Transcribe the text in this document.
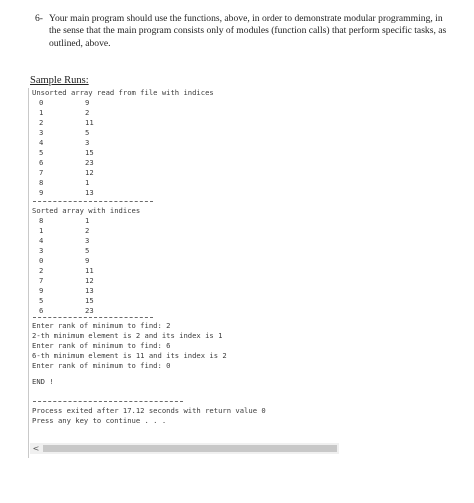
6- Your main program should use the functions, above, in order to demonstrate modular programming, in the sense that the main program consists only of modules (function calls) that perform specific tasks, as outlined, above.
Sample Runs:
Unsorted array read from file with indices
0	9
1	2
2	11
3	5
4	3
5	15
6	23
7	12
8	1
9	13
Sorted array with indices
8	1
1	2
4	3
3	5
0	9
2	11
7	12
9	13
5	15
6	23
Enter rank of minimum to find: 2
2-th minimum element is 2 and its index is 1
Enter rank of minimum to find: 6
6-th minimum element is 11 and its index is 2
Enter rank of minimum to find: 0
END !
Process exited after 17.12 seconds with return value 0
Press any key to continue . . .
<
